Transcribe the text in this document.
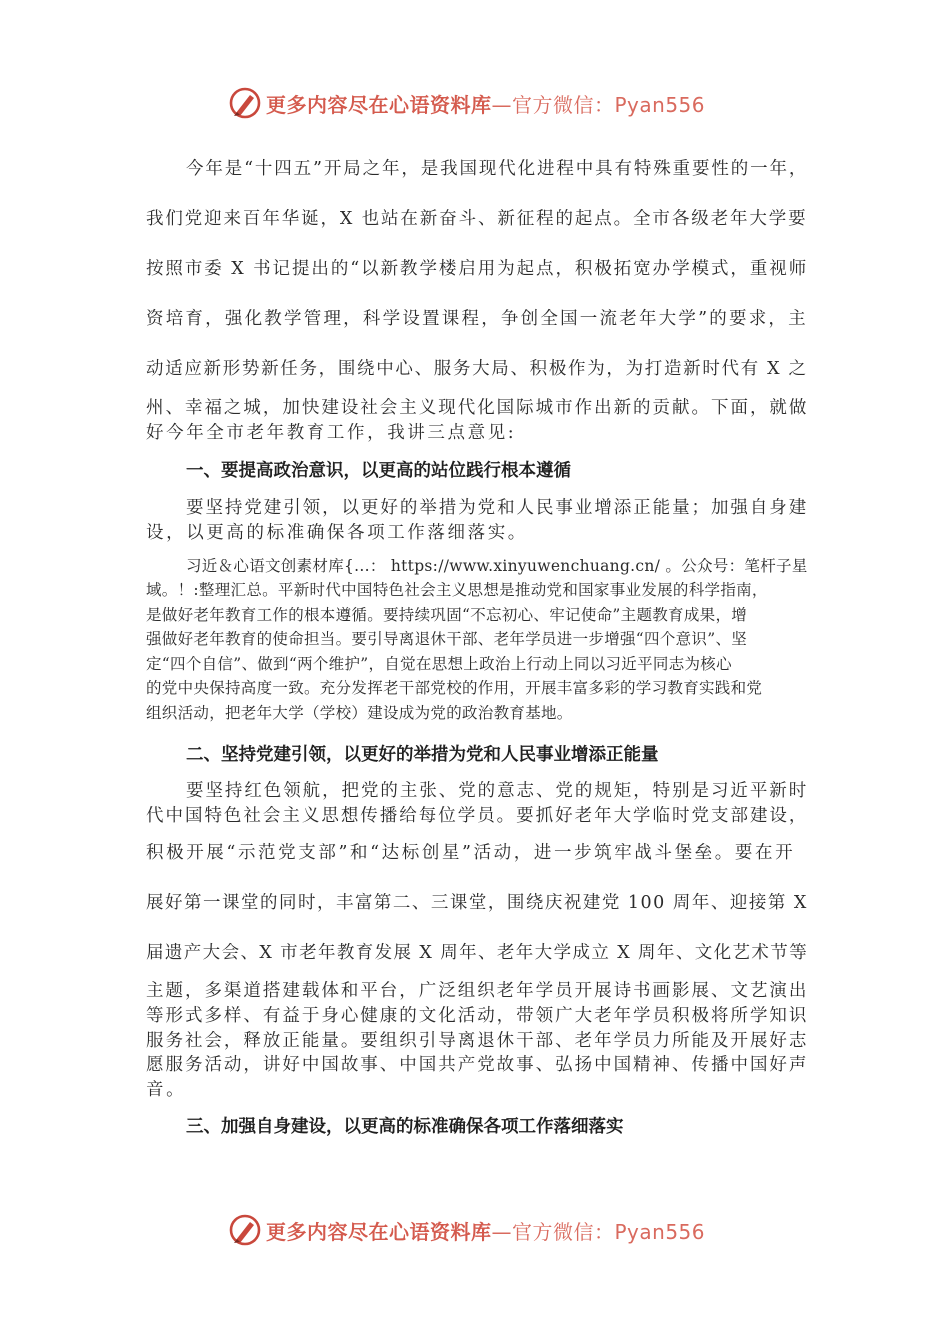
更多内容尽在心语资料库—官方微信：Pyan556
今年是“十四五”开局之年，是我国现代化进程中具有特殊重要性的一年，
我们党迎来百年华诞，X 也站在新奋斗、新征程的起点。全市各级老年大学要
按照市委 X 书记提出的“以新教学楼启用为起点，积极拓宽办学模式，重视师
资培育，强化教学管理，科学设置课程，争创全国一流老年大学”的要求，主
动适应新形势新任务，围绕中心、服务大局、积极作为，为打造新时代有 X 之
州、幸福之城，加快建设社会主义现代化国际城市作出新的贡献。下面，就做
好今年全市老年教育工作，我讲三点意见:
一、要提高政治意识，以更高的站位践行根本遵循
要坚持党建引领，以更好的举措为党和人民事业增添正能量；加强自身建
设，以更高的标准确保各项工作落细落实。
习近＆心语文创素材库{...： https://www.xinyuwenchuang.cn/ 。公众号：笔杆子星
域。！:整理汇总。平新时代中国特色社会主义思想是推动党和国家事业发展的科学指南，
是做好老年教育工作的根本遵循。要持续巩固“不忘初心、牢记使命”主题教育成果，增
强做好老年教育的使命担当。要引导离退休干部、老年学员进一步增强“四个意识”、坚
定“四个自信”、做到“两个维护”，自觉在思想上政治上行动上同以习近平同志为核心
的党中央保持高度一致。充分发挥老干部党校的作用，开展丰富多彩的学习教育实践和党
组织活动，把老年大学（学校）建设成为党的政治教育基地。
二、坚持党建引领，以更好的举措为党和人民事业增添正能量
要坚持红色领航，把党的主张、党的意志、党的规矩，特别是习近平新时
代中国特色社会主义思想传播给每位学员。要抓好老年大学临时党支部建设，
积极开展“示范党支部”和“达标创星”活动，进一步筑牢战斗堡垒。要在开
展好第一课堂的同时，丰富第二、三课堂，围绕庆祝建党 100 周年、迎接第 X
届遗产大会、X 市老年教育发展 X 周年、老年大学成立 X 周年、文化艺术节等
主题，多渠道搭建载体和平台，广泛组织老年学员开展诗书画影展、文艺演出
等形式多样、有益于身心健康的文化活动，带领广大老年学员积极将所学知识
服务社会，释放正能量。要组织引导离退休干部、老年学员力所能及开展好志
愿服务活动，讲好中国故事、中国共产党故事、弘扬中国精神、传播中国好声
音。
三、加强自身建设，以更高的标准确保各项工作落细落实
更多内容尽在心语资料库—官方微信：Pyan556
